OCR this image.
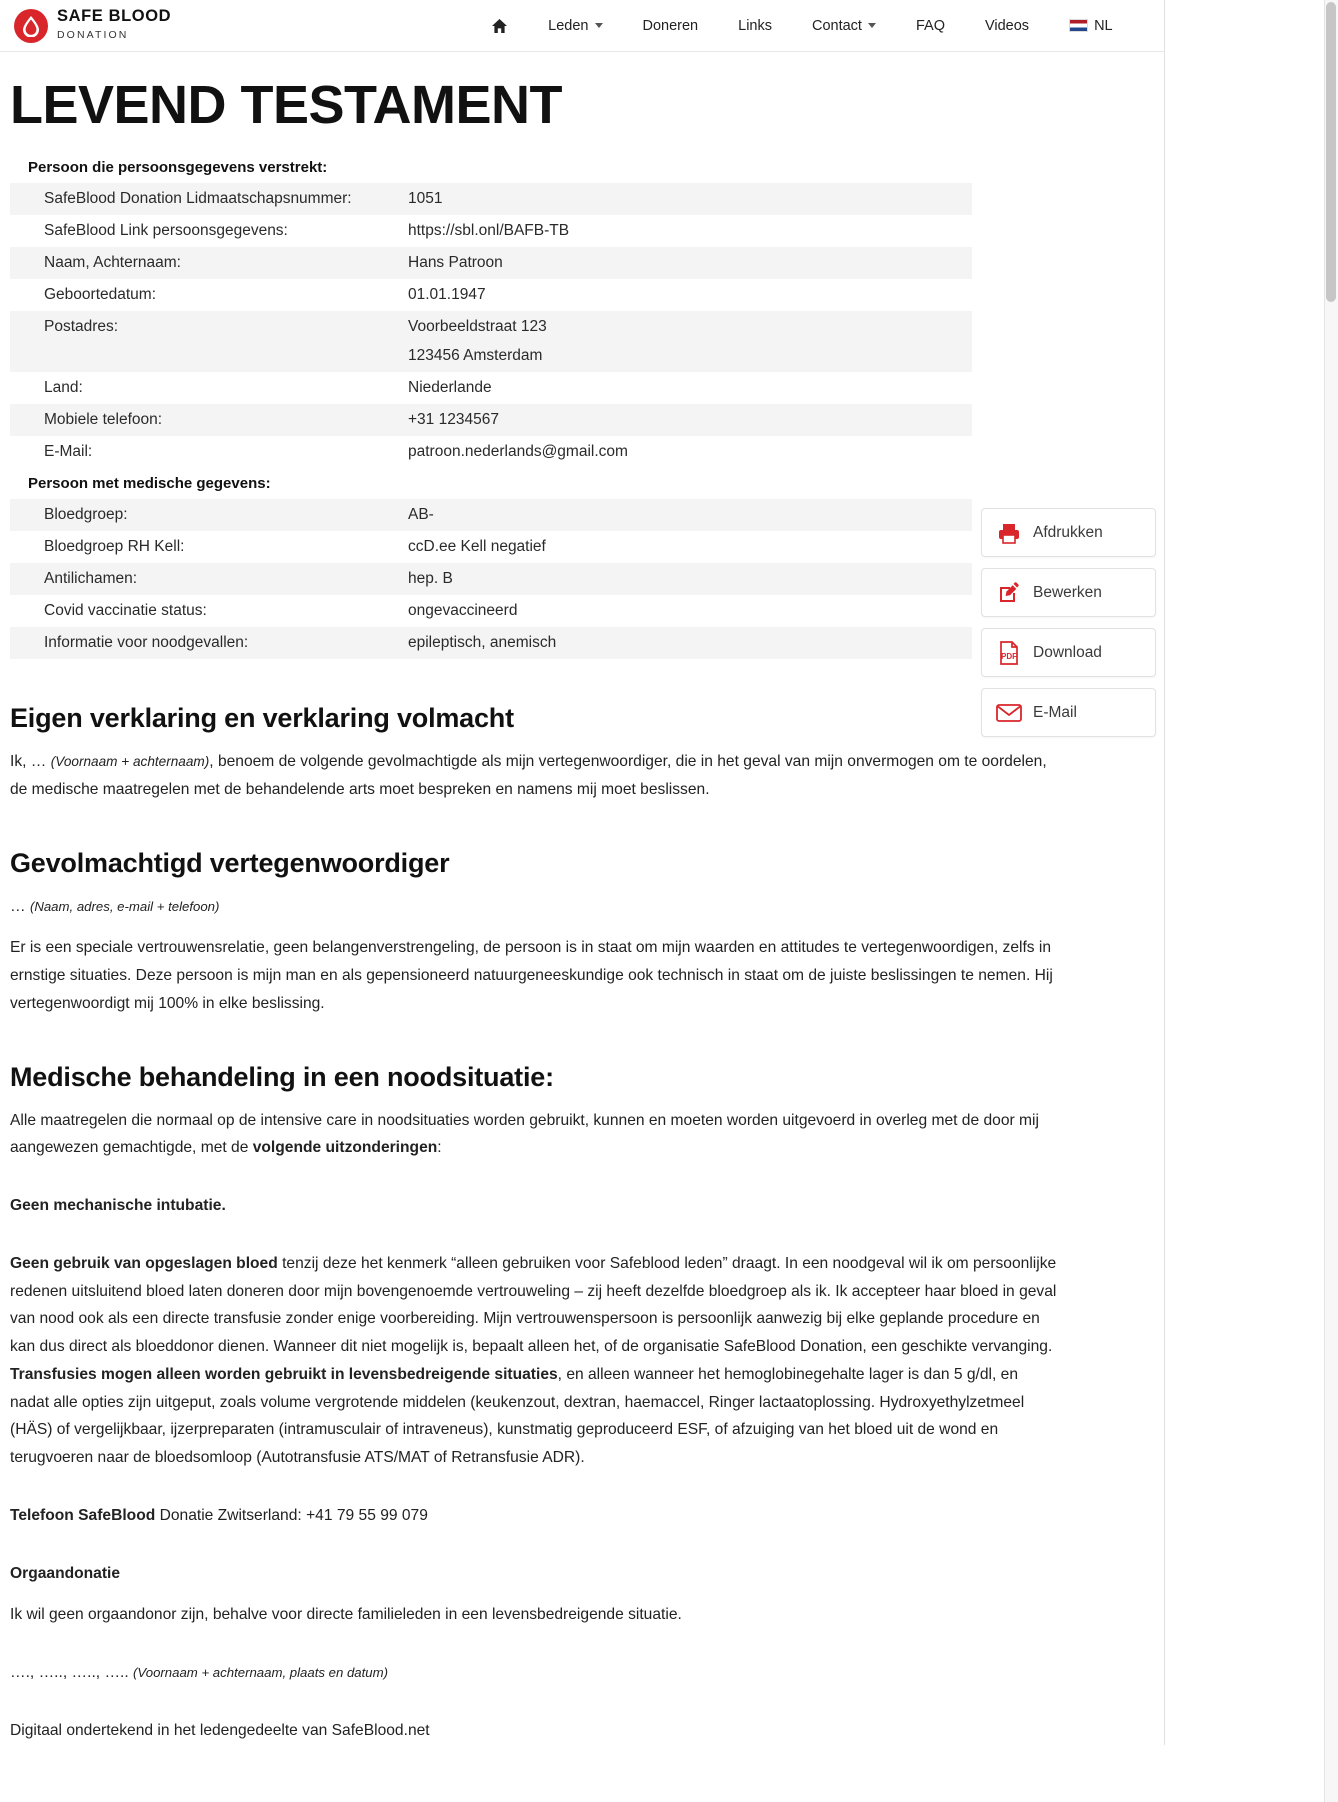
SAFE BLOOD
DONATION
Leden	Doneren	Links	Contact	FAQ	Videos	NL
LEVEND TESTAMENT
Persoon die persoonsgegevens verstrekt:	
SafeBlood Donation Lidmaatschapsnummer:	1051
SafeBlood Link persoonsgegevens:	https://sbl.onl/BAFB-TB
Naam, Achternaam:	Hans Patroon
Geboortedatum:	01.01.1947
Postadres:	Voorbeeldstraat 123
123456 Amsterdam

Land:	Niederlande
Mobiele telefoon:	+31 1234567
E-Mail:	patroon.nederlands@gmail.com
Persoon met medische gegevens:	
Bloedgroep:	AB-
Bloedgroep RH Kell:	ccD.ee Kell negatief
Antilichamen:	hep. B
Covid vaccinatie status:	ongevaccineerd
Informatie voor noodgevallen:	epileptisch, anemisch
Eigen verklaring en verklaring volmacht

Ik, … (Voornaam + achternaam), benoem de volgende gevolmachtigde als mijn vertegenwoordiger, die in het geval van mijn onvermogen om te oordelen, de medische maatregelen met de behandelende arts moet bespreken en namens mij moet beslissen.

Gevolmachtigd vertegenwoordiger

… (Naam, adres, e-mail + telefoon)

Er is een speciale vertrouwensrelatie, geen belangenverstrengeling, de persoon is in staat om mijn waarden en attitudes te vertegenwoordigen, zelfs in ernstige situaties. Deze persoon is mijn man en als gepensioneerd natuurgeneeskundige ook technisch in staat om de juiste beslissingen te nemen. Hij vertegenwoordigt mij 100% in elke beslissing.

Medische behandeling in een noodsituatie:

Alle maatregelen die normaal op de intensive care in noodsituaties worden gebruikt, kunnen en moeten worden uitgevoerd in overleg met de door mij aangewezen gemachtigde, met de volgende uitzonderingen:

Geen mechanische intubatie.

Geen gebruik van opgeslagen bloed tenzij deze het kenmerk “alleen gebruiken voor Safeblood leden” draagt. In een noodgeval wil ik om persoonlijke redenen uitsluitend bloed laten doneren door mijn bovengenoemde vertrouweling – zij heeft dezelfde bloedgroep als ik. Ik accepteer haar bloed in geval van nood ook als een directe transfusie zonder enige voorbereiding. Mijn vertrouwenspersoon is persoonlijk aanwezig bij elke geplande procedure en kan dus direct als bloeddonor dienen. Wanneer dit niet mogelijk is, bepaalt alleen het, of de organisatie SafeBlood Donation, een geschikte vervanging. Transfusies mogen alleen worden gebruikt in levensbedreigende situaties, en alleen wanneer het hemoglobinegehalte lager is dan 5 g/dl, en nadat alle opties zijn uitgeput, zoals volume vergrotende middelen (keukenzout, dextran, haemaccel, Ringer lactaatoplossing. Hydroxyethylzetmeel (HÄS) of vergelijkbaar, ijzerpreparaten (intramusculair of intraveneus), kunstmatig geproduceerd ESF, of afzuiging van het bloed uit de wond en terugvoeren naar de bloedsomloop (Autotransfusie ATS/MAT of Retransfusie ADR).

Telefoon SafeBlood Donatie Zwitserland: +41 79 55 99 079

Orgaandonatie

Ik wil geen orgaandonor zijn, behalve voor directe familieleden in een levensbedreigende situatie.

…., ….., ….., ….. (Voornaam + achternaam, plaats en datum)

Digitaal ondertekend in het ledengedeelte van SafeBlood.net

Afdrukken
Bewerken
PDF Download
E-Mail
